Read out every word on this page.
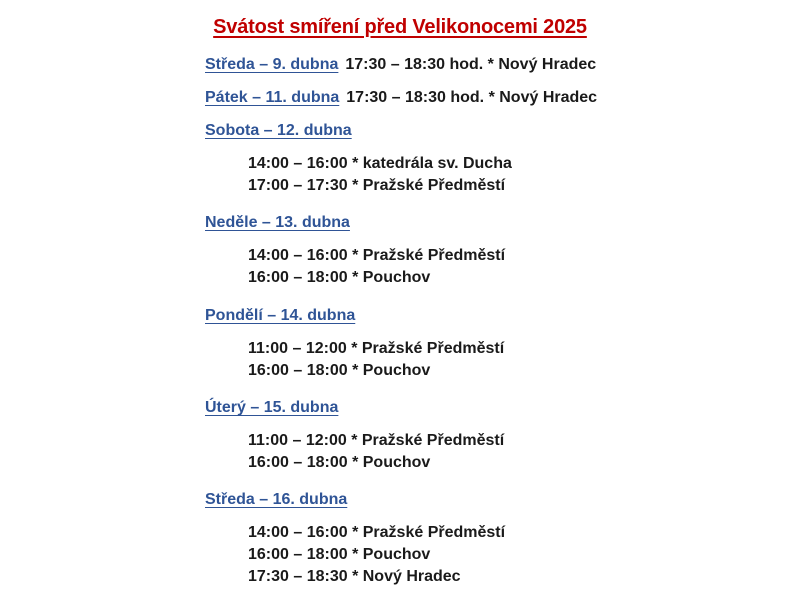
Svátost smíření před Velikonocemi 2025
Středa – 9. dubna 17:30 – 18:30 hod. * Nový Hradec
Pátek – 11. dubna 17:30 – 18:30 hod. * Nový Hradec
Sobota – 12. dubna
14:00 – 16:00 * katedrála sv. Ducha
17:00 – 17:30 * Pražské Předměstí
Neděle – 13. dubna
14:00 – 16:00 * Pražské Předměstí
16:00 – 18:00 * Pouchov
Pondělí – 14. dubna
11:00 – 12:00 * Pražské Předměstí
16:00 – 18:00 * Pouchov
Úterý – 15. dubna
11:00 – 12:00 * Pražské Předměstí
16:00 – 18:00 * Pouchov
Středa – 16. dubna
14:00 – 16:00 * Pražské Předměstí
16:00 – 18:00 * Pouchov
17:30 – 18:30 * Nový Hradec
